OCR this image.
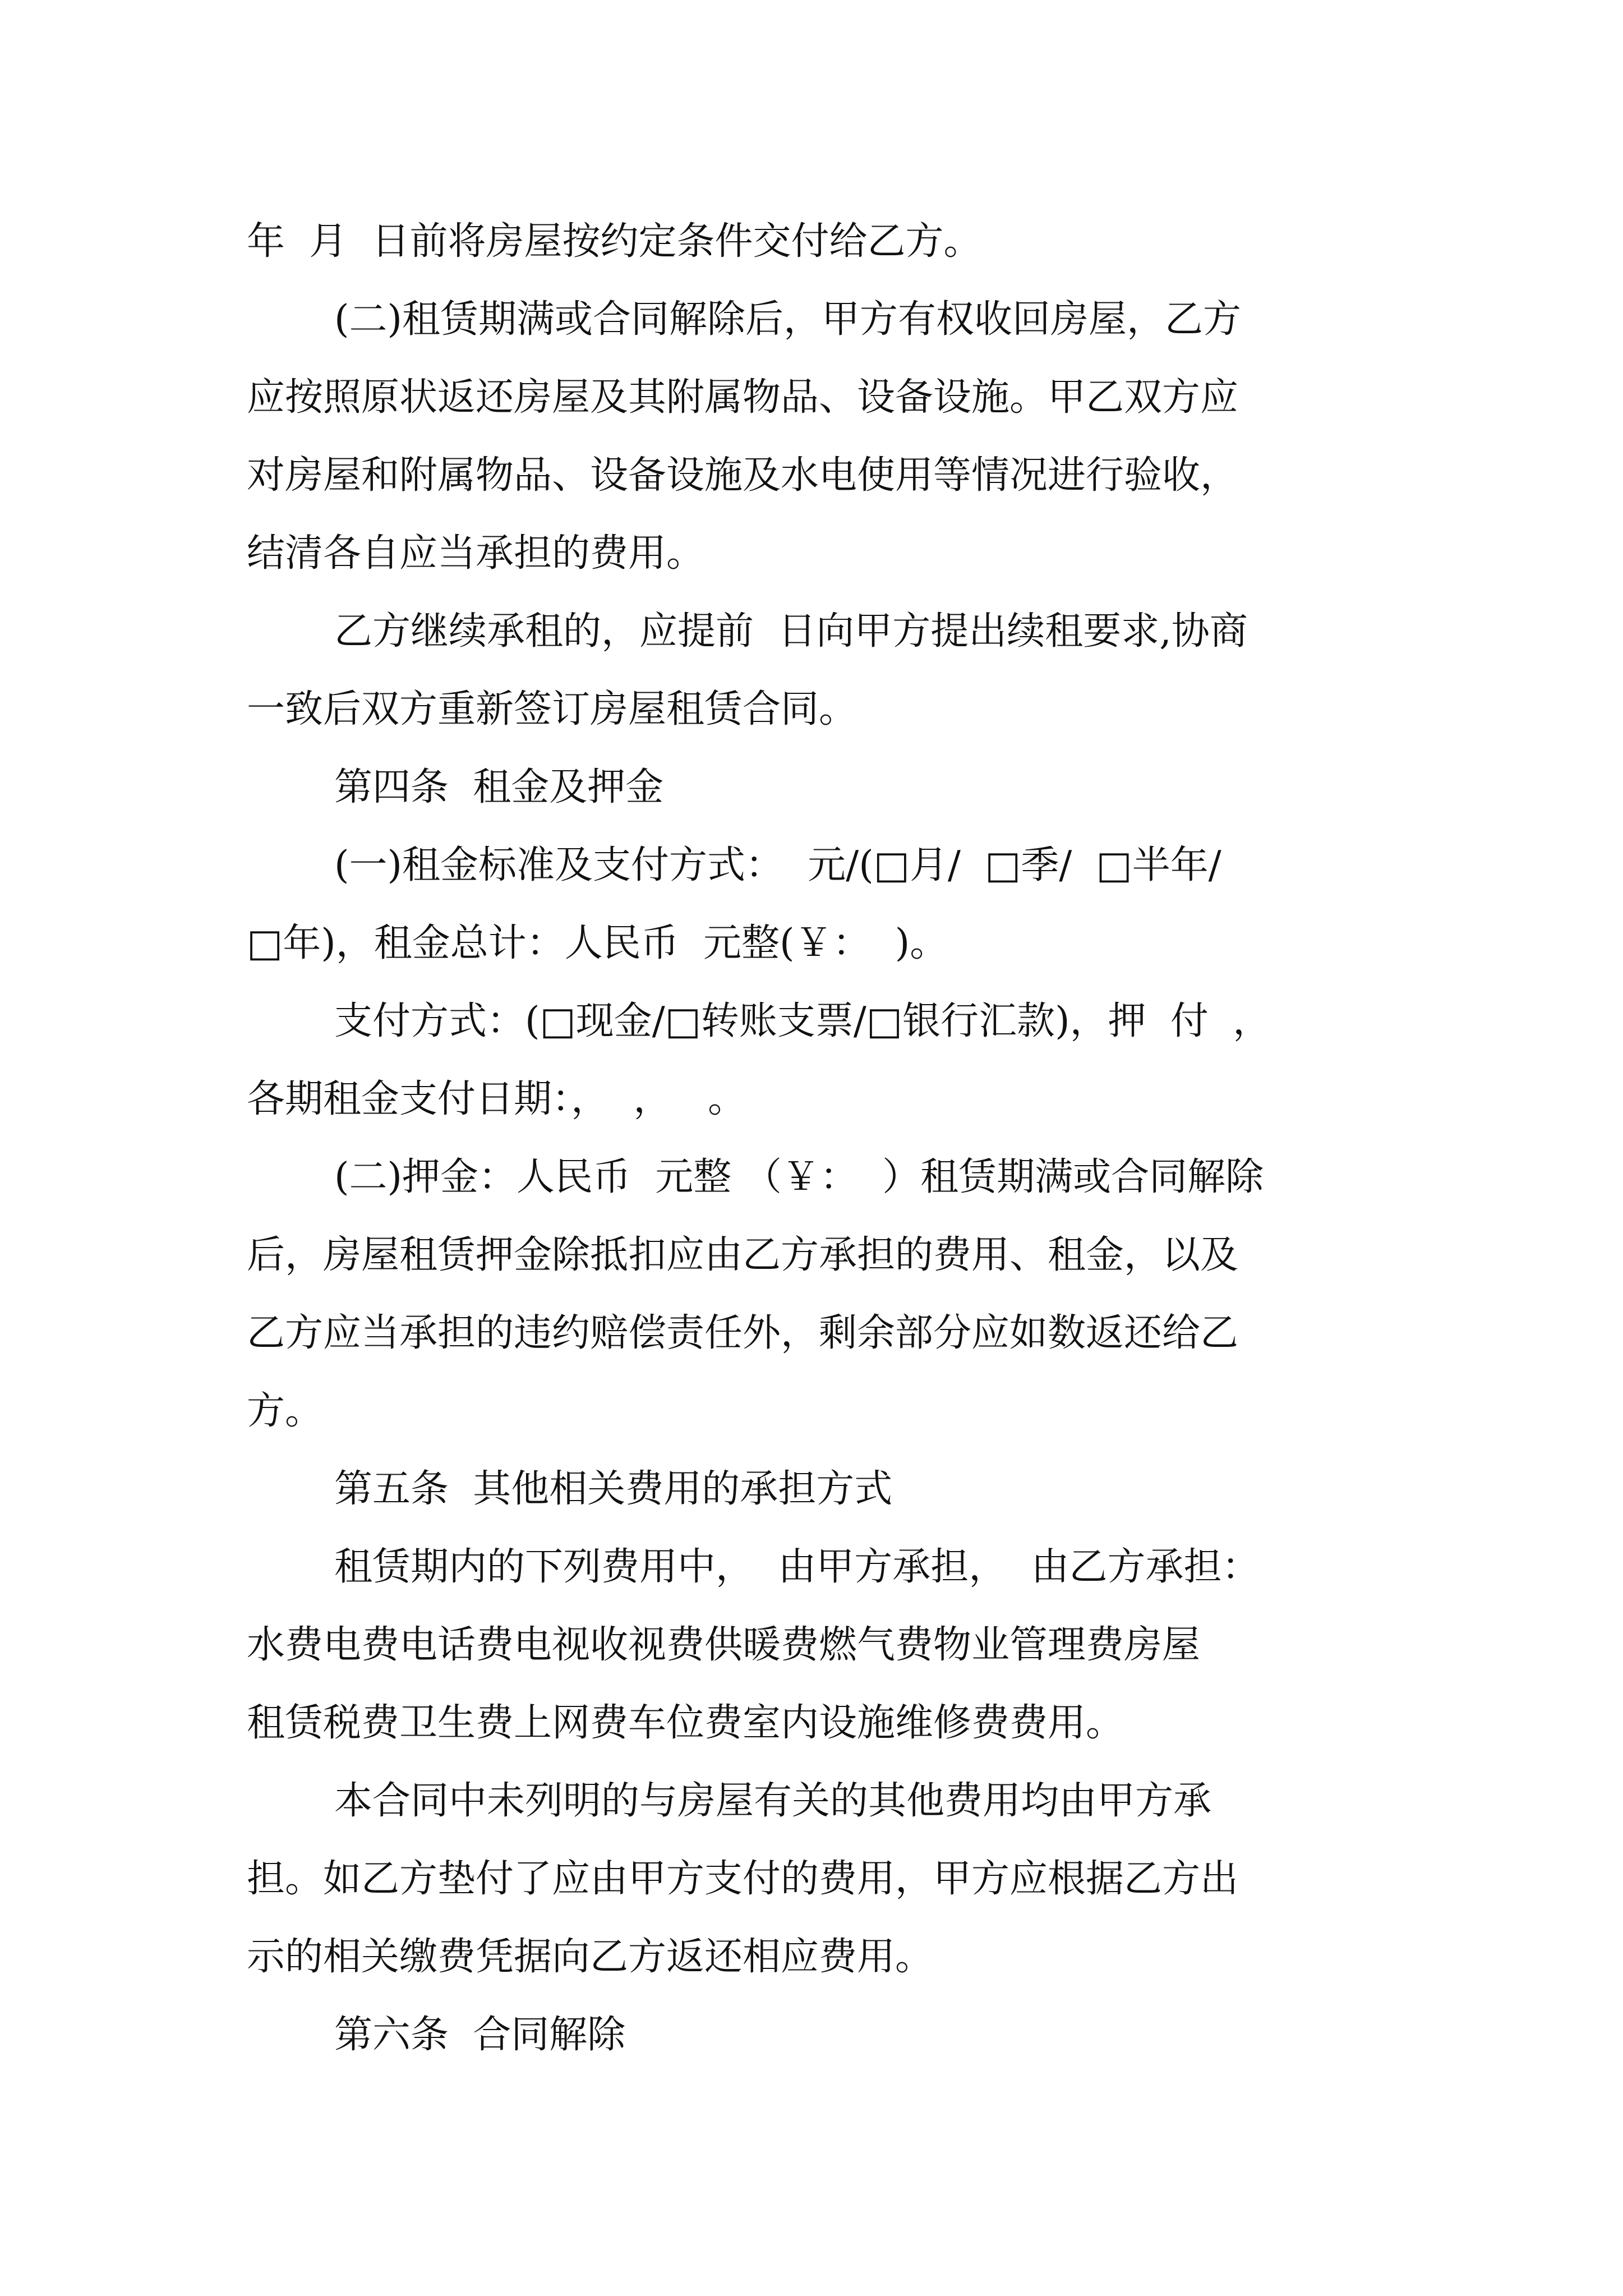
年  月  日前将房屋按约定条件交付给乙方。
(二)租赁期满或合同解除后，甲方有权收回房屋，乙方
应按照原状返还房屋及其附属物品、设备设施。甲乙双方应
对房屋和附属物品、设备设施及水电使用等情况进行验收，
结清各自应当承担的费用。
乙方继续承租的，应提前  日向甲方提出续租要求,协商
一致后双方重新签订房屋租赁合同。
第四条  租金及押金
(一)租金标准及支付方式：  元/(□月/  □季/  □半年/
□年)，租金总计：人民币  元整(￥：  )。
支付方式：(□现金/□转账支票/□银行汇款)，押  付  ，
各期租金支付日期：，  ，   。
(二)押金：人民币  元整 （￥：  ）租赁期满或合同解除
后，房屋租赁押金除抵扣应由乙方承担的费用、租金，以及
乙方应当承担的违约赔偿责任外，剩余部分应如数返还给乙
方。
第五条  其他相关费用的承担方式
租赁期内的下列费用中，  由甲方承担，  由乙方承担：
水费电费电话费电视收视费供暖费燃气费物业管理费房屋
租赁税费卫生费上网费车位费室内设施维修费费用。
本合同中未列明的与房屋有关的其他费用均由甲方承
担。如乙方垫付了应由甲方支付的费用，甲方应根据乙方出
示的相关缴费凭据向乙方返还相应费用。
第六条  合同解除
